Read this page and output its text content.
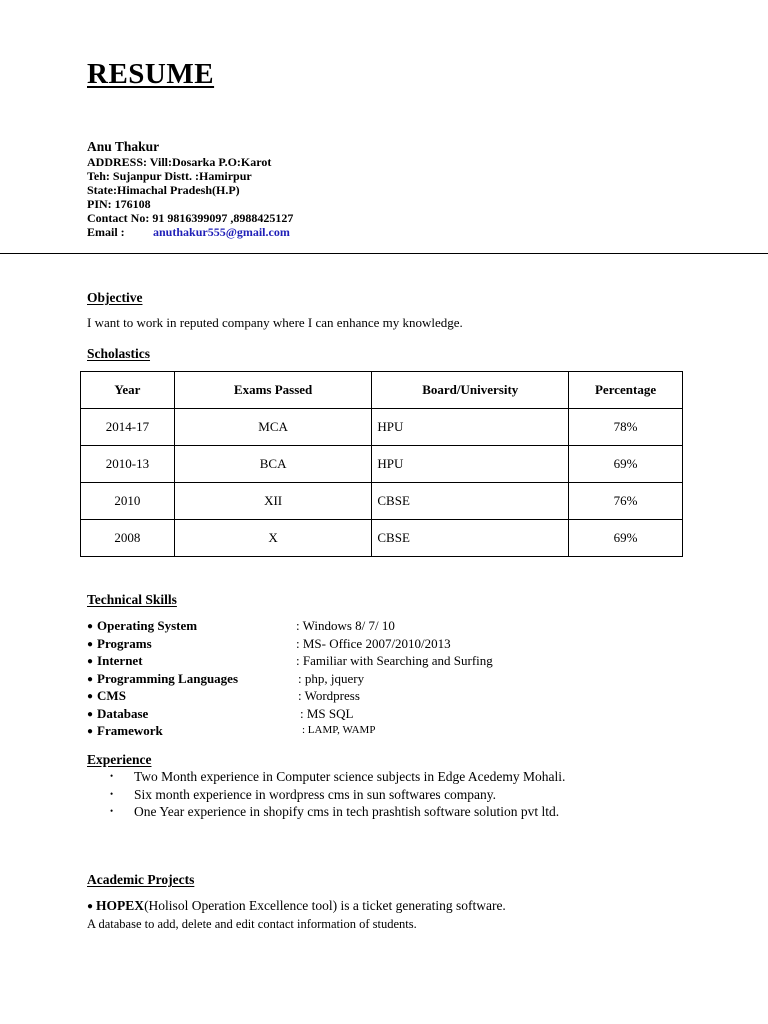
RESUME
Anu Thakur
ADDRESS: Vill:Dosarka P.O:Karot
Teh: Sujanpur Distt. :Hamirpur
State:Himachal Pradesh(H.P)
PIN: 176108
Contact No: 91 9816399097 ,8988425127
Email : anuthakur555@gmail.com
Objective
I want to work in reputed company where I can enhance my knowledge.
Scholastics
Year	Exams Passed	Board/University	Percentage
2014-17	MCA	HPU	78%
2010-13	BCA	HPU	69%
2010	XII	CBSE	76%
2008	X	CBSE	69%
Technical Skills
● Operating System	: Windows 8/ 7/ 10
● Programs	: MS- Office 2007/2010/2013
● Internet	: Familiar with Searching and Surfing
● Programming Languages	: php, jquery
● CMS	: Wordpress
● Database	: MS SQL
● Framework	: LAMP, WAMP
Experience
• Two Month experience in Computer science subjects in Edge Acedemy Mohali.
• Six month experience in wordpress cms in sun softwares company.
• One Year experience in shopify cms in tech prashtish software solution pvt ltd.
Academic Projects
● HOPEX(Holisol Operation Excellence tool) is a ticket generating software.
A database to add, delete and edit contact information of students.
